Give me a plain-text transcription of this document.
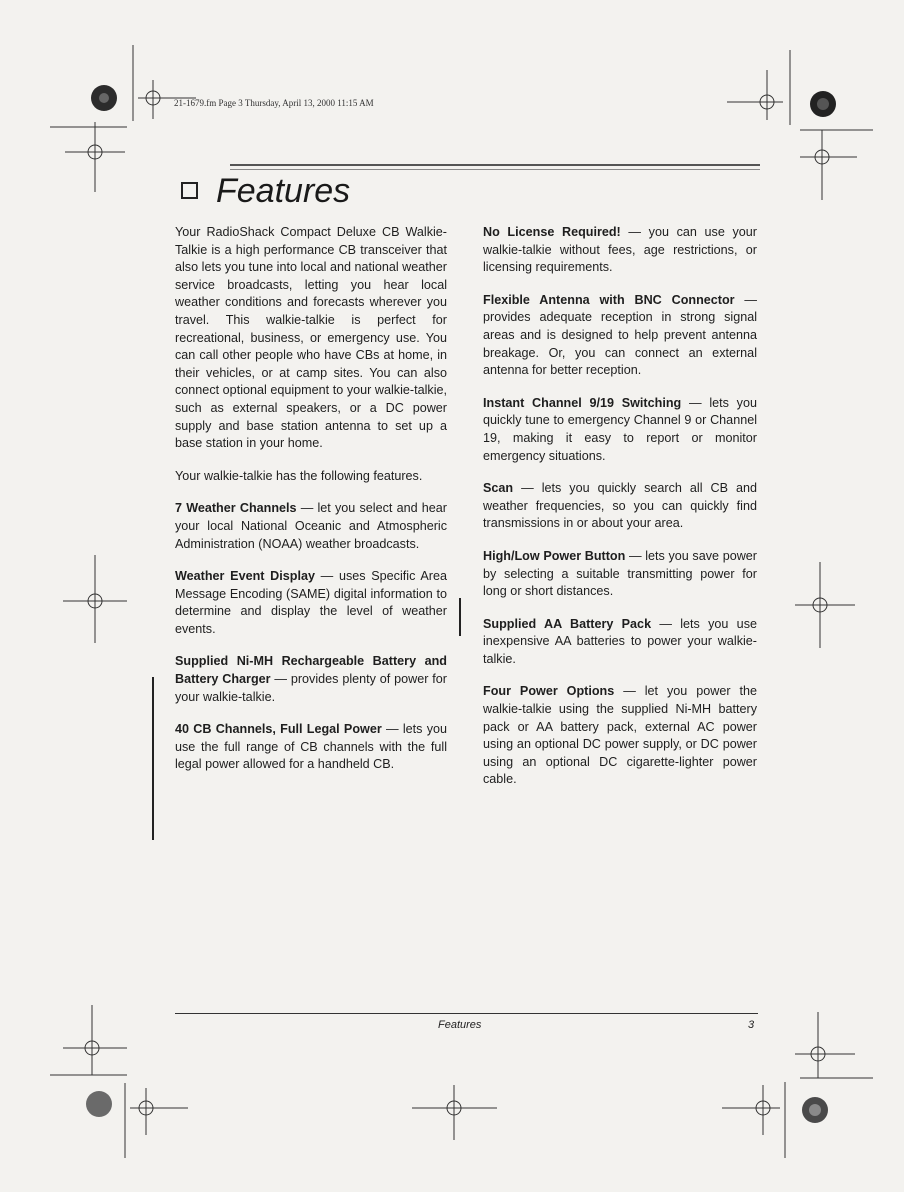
21-1679.fm Page 3 Thursday, April 13, 2000 11:15 AM
Features

Your RadioShack Compact Deluxe CB Walkie-Talkie is a high performance CB transceiver that also lets you tune into local and national weather service broadcasts, letting you hear local weather conditions and forecasts wherever you travel. This walkie-talkie is perfect for recreational, business, or emergency use. You can call other people who have CBs at home, in their vehicles, or at camp sites. You can also connect optional equipment to your walkie-talkie, such as external speakers, or a DC power supply and base station antenna to set up a base station in your home.

Your walkie-talkie has the following features.

7 Weather Channels — let you select and hear your local National Oceanic and Atmospheric Administration (NOAA) weather broadcasts.

Weather Event Display — uses Specific Area Message Encoding (SAME) digital information to determine and display the level of weather events.

Supplied Ni-MH Rechargeable Battery and Battery Charger — provides plenty of power for your walkie-talkie.

40 CB Channels, Full Legal Power — lets you use the full range of CB channels with the full legal power allowed for a handheld CB.

No License Required! — you can use your walkie-talkie without fees, age restrictions, or licensing requirements.

Flexible Antenna with BNC Connector — provides adequate reception in strong signal areas and is designed to help prevent antenna breakage. Or, you can connect an external antenna for better reception.

Instant Channel 9/19 Switching — lets you quickly tune to emergency Channel 9 or Channel 19, making it easy to report or monitor emergency situations.

Scan — lets you quickly search all CB and weather frequencies, so you can quickly find transmissions in or about your area.

High/Low Power Button — lets you save power by selecting a suitable transmitting power for long or short distances.

Supplied AA Battery Pack — lets you use inexpensive AA batteries to power your walkie-talkie.

Four Power Options — let you power the walkie-talkie using the supplied Ni-MH battery pack or AA battery pack, external AC power using an optional DC power supply, or DC power using an optional DC cigarette-lighter power cable.

Features	3
